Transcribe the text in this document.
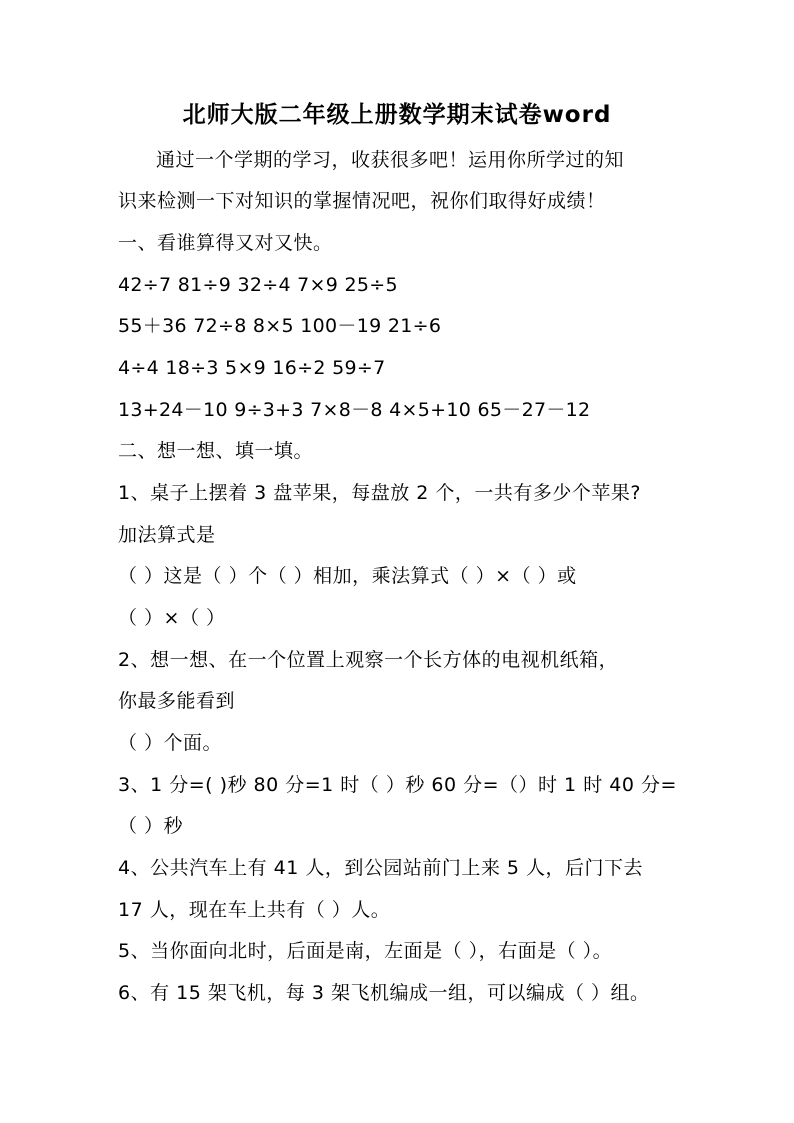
北师大版二年级上册数学期末试卷word
通过一个学期的学习，收获很多吧！运用你所学过的知
识来检测一下对知识的掌握情况吧，祝你们取得好成绩！
一、看谁算得又对又快。
42÷7 81÷9 32÷4 7×9 25÷5
55＋36 72÷8 8×5 100－19 21÷6
4÷4 18÷3 5×9 16÷2 59÷7
13+24－10 9÷3+3 7×8－8 4×5+10 65－27－12
二、想一想、填一填。
1、桌子上摆着 3 盘苹果，每盘放 2 个，一共有多少个苹果?
加法算式是
（ ）这是（ ）个（ ）相加，乘法算式（ ）×（ ）或
（ ）×（ ）
2、想一想、在一个位置上观察一个长方体的电视机纸箱，
你最多能看到
（ ）个面。
3、1 分=( )秒 80 分=1 时（ ）秒 60 分=（）时 1 时 40 分=
（ ）秒
4、公共汽车上有 41 人，到公园站前门上来 5 人，后门下去
17 人，现在车上共有（ ）人。
5、当你面向北时，后面是南，左面是（ ），右面是（ ）。
6、有 15 架飞机，每 3 架飞机编成一组，可以编成（ ）组。
